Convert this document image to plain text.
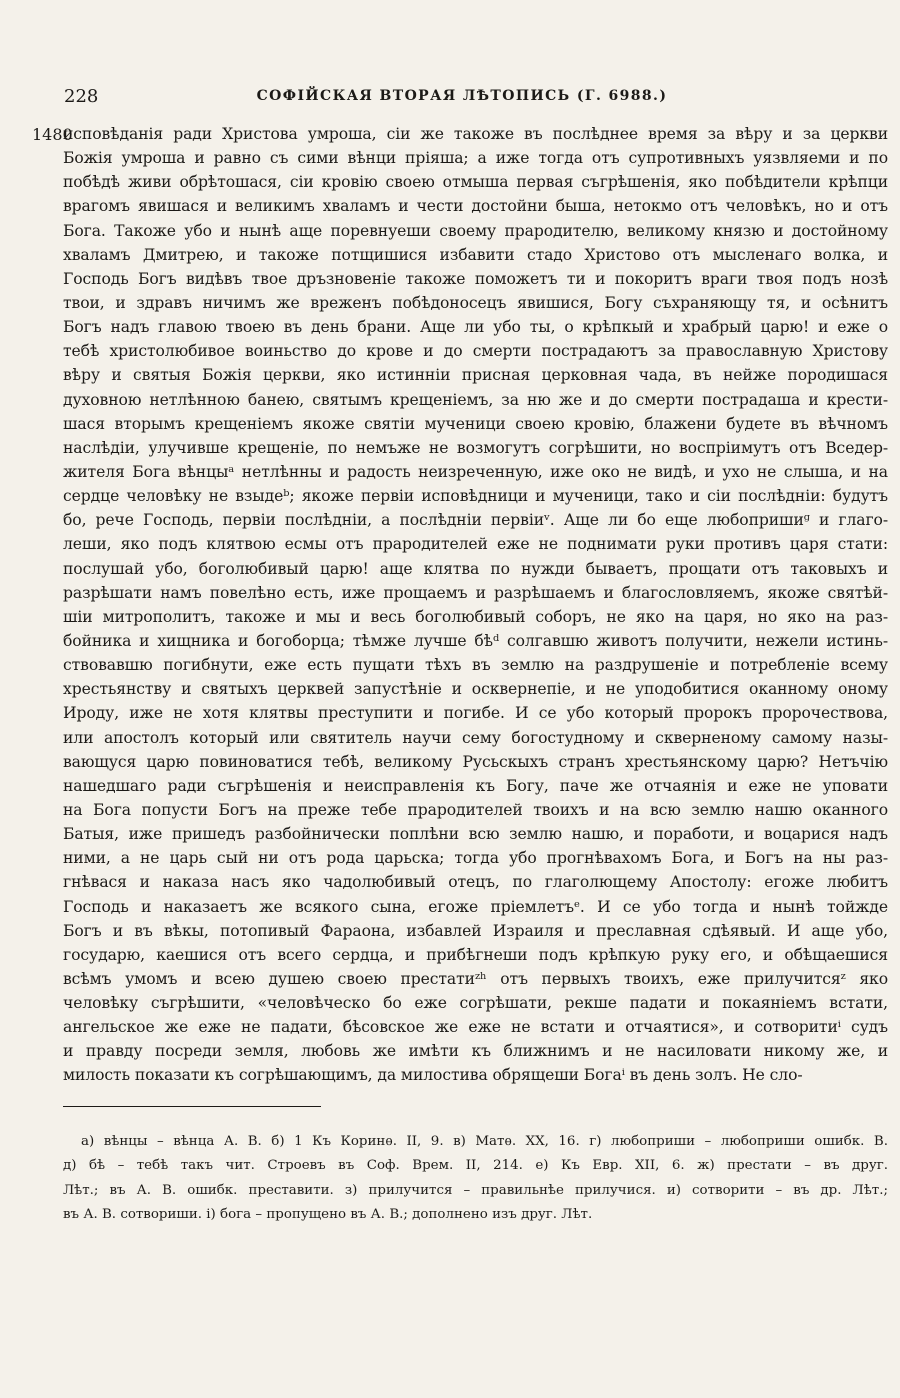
228	СОФІЙСКАЯ ВТОРАЯ ЛѢТОПИСЬ (Г. 6988.)
1480
исповѣданія ради Христова умроша, сіи же такоже въ послѣднее время за вѣру и за церкви
Божія умроша и равно съ сими вѣнци пріяша; а иже тогда отъ супротивныхъ уязвляеми и по
побѣдѣ живи обрѣтошася, сіи кровію своею отмыша первая съгрѣшенія, яко побѣдители крѣпци
врагомъ явишася и великимъ хваламъ и чести достойни быша, нетокмо отъ человѣкъ, но и отъ
Бога. Такоже убо и нынѣ аще поревнуеши своему прародителю, великому князю и достойному
хваламъ Дмитрею, и такоже потщишися избавити стадо Христово отъ мысленаго волка, и
Господь Богъ видѣвъ твое дръзновеніе такоже поможетъ ти и покоритъ враги твоя подъ нозѣ
твои, и здравъ ничимъ же вреженъ побѣдоносецъ явишися, Богу съхраняющу тя, и осѣнитъ
Богъ надъ главою твоею въ день брани. Аще ли убо ты, о крѣпкый и храбрый царю! и еже о
тебѣ христолюбивое воиньство до крове и до смерти пострадаютъ за православную Христову
вѣру и святыя Божія церкви, яко истинніи присная церковная чада, въ нейже породишася
духовною нетлѣнною банею, святымъ крещеніемъ, за ню же и до смерти пострадаша и крести-
шася вторымъ крещеніемъ якоже святіи мученици своею кровію, блажени будете въ вѣчномъ
наслѣдіи, улучивше крещеніе, по немъже не возмогутъ согрѣшити, но воспріимутъ отъ Вседер-
жителя Бога вѣнцыᵃ нетлѣнны и радость неизреченную, иже око не видѣ, и ухо не слыша, и на
сердце человѣку не взыдеᵇ; якоже первіи исповѣдници и мученици, тако и сіи послѣдніи: будутъ
бо, рече Господь, первіи послѣдніи, а послѣдніи первіиᵛ. Аще ли бо еще любопришиᵍ и глаго-
леши, яко подъ клятвою есмы отъ прародителей еже не поднимати руки противъ царя стати:
послушай убо, боголюбивый царю! аще клятва по нужди бываетъ, прощати отъ таковыхъ и
разрѣшати намъ повелѣно есть, иже прощаемъ и разрѣшаемъ и благословляемъ, якоже святѣй-
шіи митрополитъ, такоже и мы и весь боголюбивый соборъ, не яко на царя, но яко на раз-
бойника и хищника и богоборца; тѣмже лучше бѣᵈ солгавшю животъ получити, нежели истинь-
ствовавшю погибнути, еже есть пущати тѣхъ въ землю на раздрушеніе и потребленіе всему
хрестьянству и святыхъ церквей запустѣніе и осквернепіе, и не уподобитися оканному оному
Ироду, иже не хотя клятвы преступити и погибе. И се убо который пророкъ пророчествова,
или апостолъ который или святитель научи сему богостудному и скверненому самому назы-
вающуся царю повиноватися тебѣ, великому Русьскыхъ странъ хрестьянскому царю? Нетъчію
нашедшаго ради съгрѣшенія и неисправленія къ Богу, паче же отчаянія и еже не уповати
на Бога попусти Богъ на преже тебе прародителей твоихъ и на всю землю нашю оканного
Батыя, иже пришедъ разбойнически поплѣни всю землю нашю, и поработи, и воцарися надъ
ними, а не царь сый ни отъ рода царьска; тогда убо прогнѣвахомъ Бога, и Богъ на ны раз-
гнѣвася и наказа насъ яко чадолюбивый отецъ, по глаголющему Апостолу: егоже любитъ
Господь и наказаетъ же всякого сына, егоже пріемлетъᵉ. И се убо тогда и нынѣ тойжде
Богъ и въ вѣкы, потопивый Фараона, избавлей Израиля и преславная сдѣявый. И аще убо,
государю, каешися отъ всего сердца, и прибѣгнеши подъ крѣпкую руку его, и обѣщаешися
всѣмъ умомъ и всею душею своею престатиᶻʰ отъ первыхъ твоихъ, еже прилучитсяᶻ яко
человѣку съгрѣшити, «человѣческо бо еже согрѣшати, рекше падати и покаяніемъ встати,
ангельское же еже не падати, бѣсовское же еже не встати и отчаятися», и сотворитиⁱ судъ
и правду посреди земля, любовь же имѣти къ ближнимъ и не насиловати никому же, и
милость показати къ согрѣшающимъ, да милостива обрящеши Богаⁱ въ день золъ. Не сло-
а) вѣнцы – вѣнца А. В. б) 1 Къ Коринѳ. II, 9. в) Матѳ. XX, 16. г) любоприши – любоприши ошибк. В.
д) бѣ – тебѣ такъ чит. Строевъ въ Соф. Врем. II, 214. е) Къ Евр. XII, 6. ж) престати – въ друг.
Лѣт.; въ А. В. ошибк. преставити. з) прилучится – правильнѣе прилучися. и) сотворити – въ др. Лѣт.;
въ А. В. сотвориши. і) бога – пропущено въ А. В.; дополнено изъ друг. Лѣт.
